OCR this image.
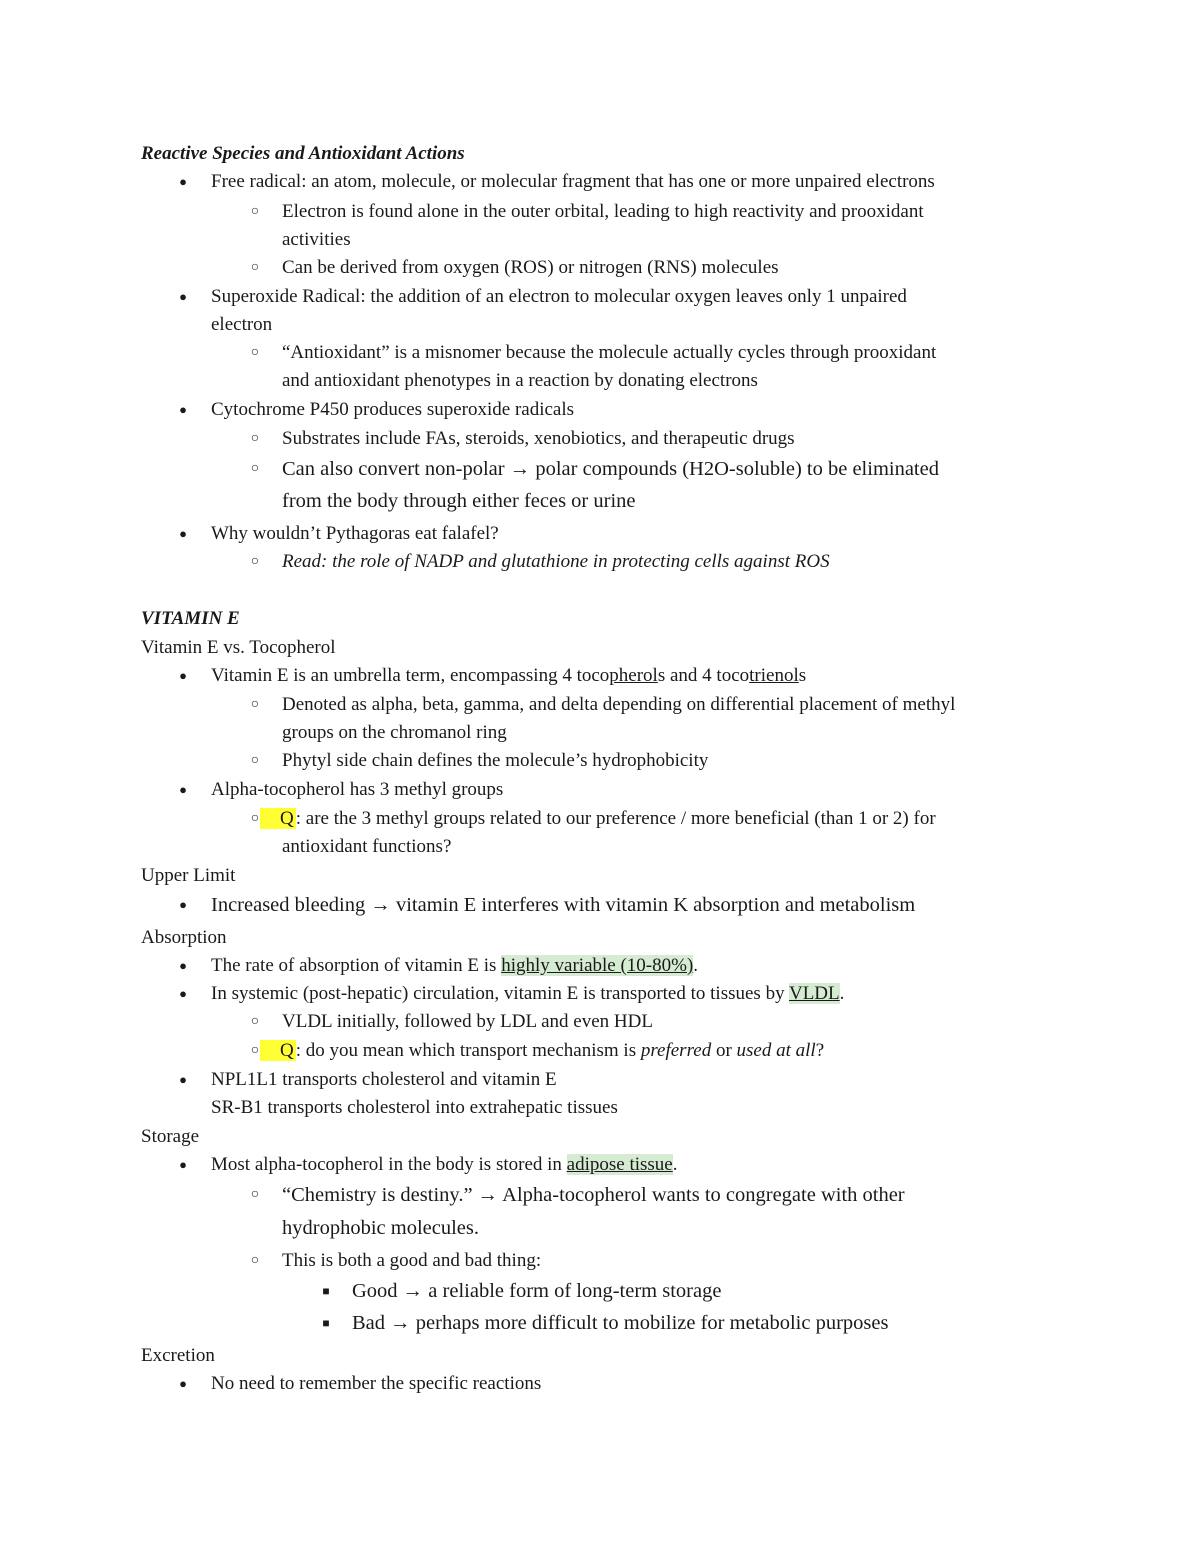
Reactive Species and Antioxidant Actions
●
Free radical: an atom, molecule, or molecular fragment that has one or more unpaired electrons
○
Electron is found alone in the outer orbital, leading to high reactivity and prooxidant
activities
○
Can be derived from oxygen (ROS) or nitrogen (RNS) molecules
●
Superoxide Radical: the addition of an electron to molecular oxygen leaves only 1 unpaired
electron
○
“Antioxidant” is a misnomer because the molecule actually cycles through prooxidant
and antioxidant phenotypes in a reaction by donating electrons
●
Cytochrome P450 produces superoxide radicals
○
Substrates include FAs, steroids, xenobiotics, and therapeutic drugs
○
Can also convert non-polar → polar compounds (H2O-soluble) to be eliminated
from the body through either feces or urine
●
Why wouldn’t Pythagoras eat falafel?
○
Read: the role of NADP and glutathione in protecting cells against ROS
VITAMIN E
Vitamin E vs. Tocopherol
●
Vitamin E is an umbrella term, encompassing 4 tocopherols and 4 tocotrienols
○
Denoted as alpha, beta, gamma, and delta depending on differential placement of methyl
groups on the chromanol ring
○
Phytyl side chain defines the molecule’s hydrophobicity
●
Alpha-tocopherol has 3 methyl groups
○
Q : are the 3 methyl groups related to our preference / more beneficial (than 1 or 2) for
antioxidant functions?
Upper Limit
●
Increased bleeding → vitamin E interferes with vitamin K absorption and metabolism
Absorption
●
The rate of absorption of vitamin E is highly variable (10-80%).
●
In systemic (post-hepatic) circulation, vitamin E is transported to tissues by VLDL.
○
VLDL initially, followed by LDL and even HDL
○
Q : do you mean which transport mechanism is preferred or used at all?
●
NPL1L1 transports cholesterol and vitamin E
SR-B1 transports cholesterol into extrahepatic tissues
Storage
●
Most alpha-tocopherol in the body is stored in adipose tissue.
○
“Chemistry is destiny.” → Alpha-tocopherol wants to congregate with other
hydrophobic molecules.
○
This is both a good and bad thing:
■
Good → a reliable form of long-term storage
■
Bad → perhaps more difficult to mobilize for metabolic purposes
Excretion
●
No need to remember the specific reactions
